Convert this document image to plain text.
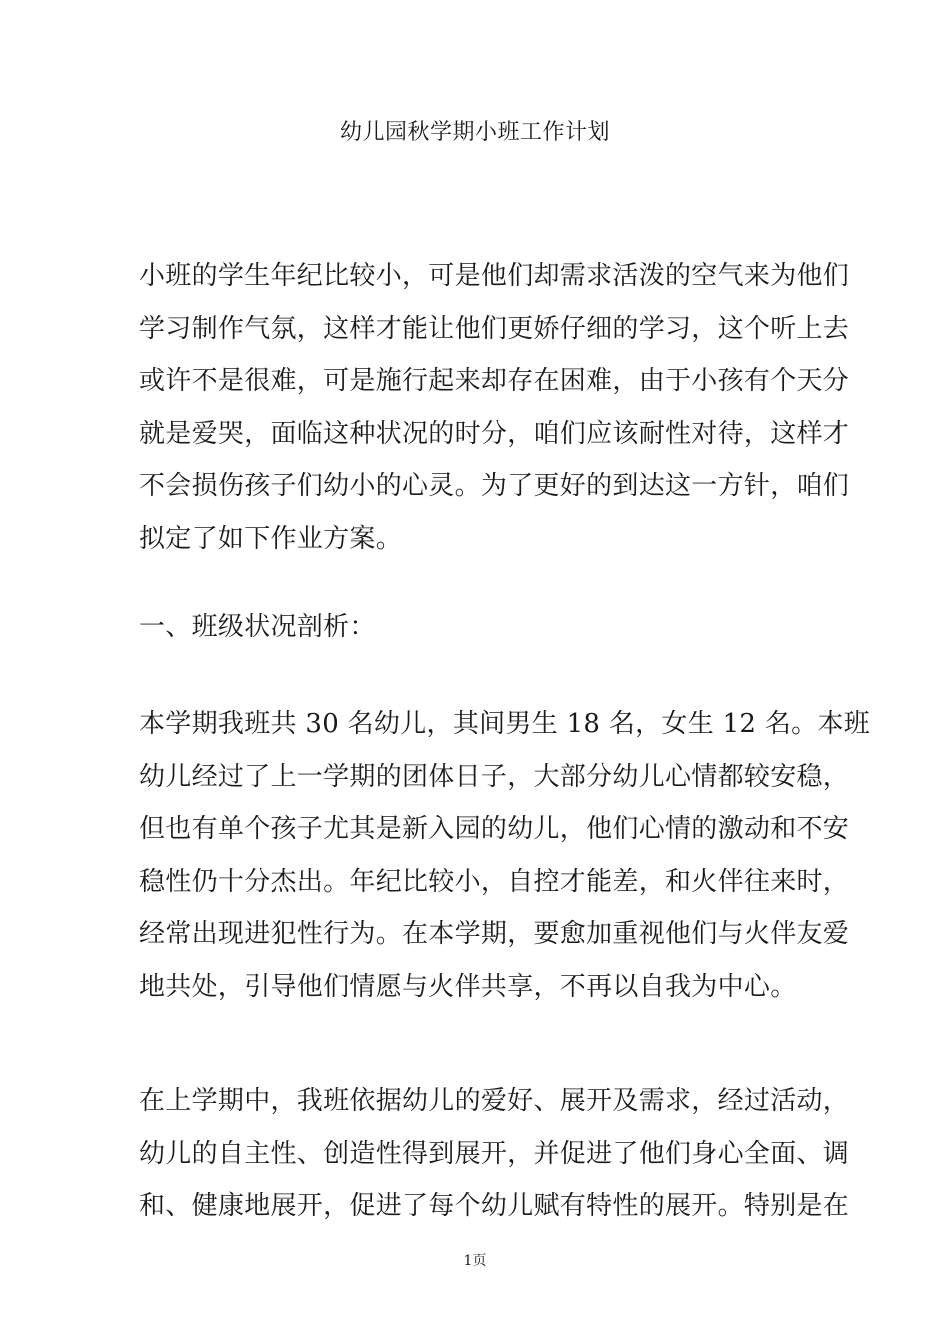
幼儿园秋学期小班工作计划
小班的学生年纪比较小，可是他们却需求活泼的空气来为他们
学习制作气氛，这样才能让他们更娇仔细的学习，这个听上去
或许不是很难，可是施行起来却存在困难，由于小孩有个天分
就是爱哭，面临这种状况的时分，咱们应该耐性对待，这样才
不会损伤孩子们幼小的心灵。为了更好的到达这一方针，咱们
拟定了如下作业方案。
一、班级状况剖析：
本学期我班共 30 名幼儿，其间男生 18 名，女生 12 名。本班
幼儿经过了上一学期的团体日子，大部分幼儿心情都较安稳，
但也有单个孩子尤其是新入园的幼儿，他们心情的激动和不安
稳性仍十分杰出。年纪比较小，自控才能差，和火伴往来时，
经常出现进犯性行为。在本学期，要愈加重视他们与火伴友爱
地共处，引导他们情愿与火伴共享，不再以自我为中心。
在上学期中，我班依据幼儿的爱好、展开及需求，经过活动，
幼儿的自主性、创造性得到展开，并促进了他们身心全面、调
和、健康地展开，促进了每个幼儿赋有特性的展开。特别是在
1页
